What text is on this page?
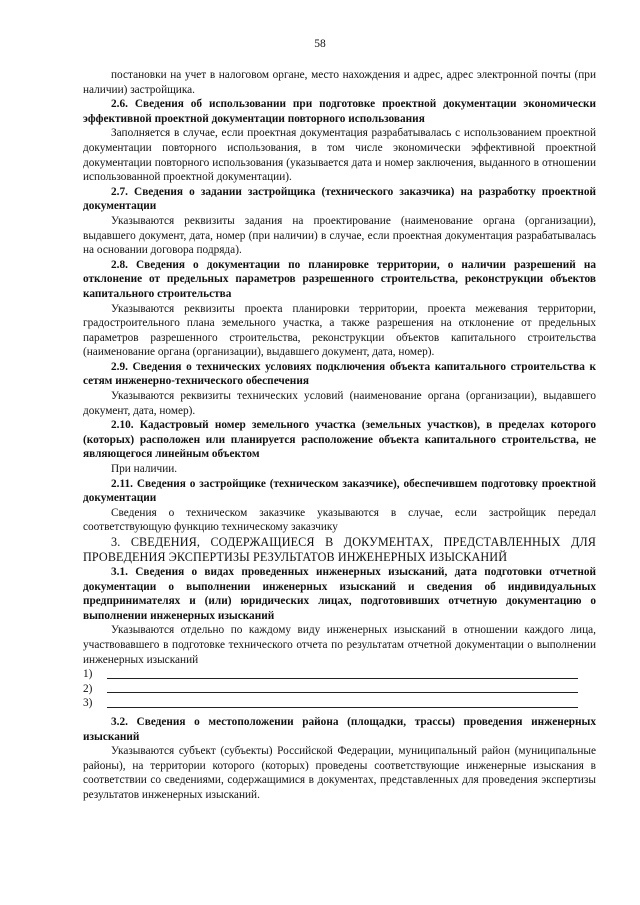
58

постановки на учет в налоговом органе, место нахождения и адрес, адрес электронной почты (при наличии) застройщика.

2.6. Сведения об использовании при подготовке проектной документации экономически эффективной проектной документации повторного использования

Заполняется в случае, если проектная документация разрабатывалась с использованием проектной документации повторного использования, в том числе экономически эффективной проектной документации повторного использования (указывается дата и номер заключения, выданного в отношении использованной проектной документации).

2.7. Сведения о задании застройщика (технического заказчика) на разработку проектной документации

Указываются реквизиты задания на проектирование (наименование органа (организации), выдавшего документ, дата, номер (при наличии) в случае, если проектная документация разрабатывалась на основании договора подряда).

2.8. Сведения о документации по планировке территории, о наличии разрешений на отклонение от предельных параметров разрешенного строительства, реконструкции объектов капитального строительства

Указываются реквизиты проекта планировки территории, проекта межевания территории, градостроительного плана земельного участка, а также разрешения на отклонение от предельных параметров разрешенного строительства, реконструкции объектов капитального строительства (наименование органа (организации), выдавшего документ, дата, номер).

2.9. Сведения о технических условиях подключения объекта капитального строительства к сетям инженерно-технического обеспечения

Указываются реквизиты технических условий (наименование органа (организации), выдавшего документ, дата, номер).

2.10. Кадастровый номер земельного участка (земельных участков), в пределах которого (которых) расположен или планируется расположение объекта капитального строительства, не являющегося линейным объектом

При наличии.

2.11. Сведения о застройщике (техническом заказчике), обеспечившем подготовку проектной документации

Сведения о техническом заказчике указываются в случае, если застройщик передал соответствующую функцию техническому заказчику

3. СВЕДЕНИЯ, СОДЕРЖАЩИЕСЯ В ДОКУМЕНТАХ, ПРЕДСТАВЛЕННЫХ ДЛЯ ПРОВЕДЕНИЯ ЭКСПЕРТИЗЫ РЕЗУЛЬТАТОВ ИНЖЕНЕРНЫХ ИЗЫСКАНИЙ

3.1. Сведения о видах проведенных инженерных изысканий, дата подготовки отчетной документации о выполнении инженерных изысканий и сведения об индивидуальных предпринимателях и (или) юридических лицах, подготовивших отчетную документацию о выполнении инженерных изысканий

Указываются отдельно по каждому виду инженерных изысканий в отношении каждого лица, участвовавшего в подготовке технического отчета по результатам отчетной документации о выполнении инженерных изысканий

1)
2)
3)

3.2. Сведения о местоположении района (площадки, трассы) проведения инженерных изысканий

Указываются субъект (субъекты) Российской Федерации, муниципальный район (муниципальные районы), на территории которого (которых) проведены соответствующие инженерные изыскания в соответствии со сведениями, содержащимися в документах, представленных для проведения экспертизы результатов инженерных изысканий.
